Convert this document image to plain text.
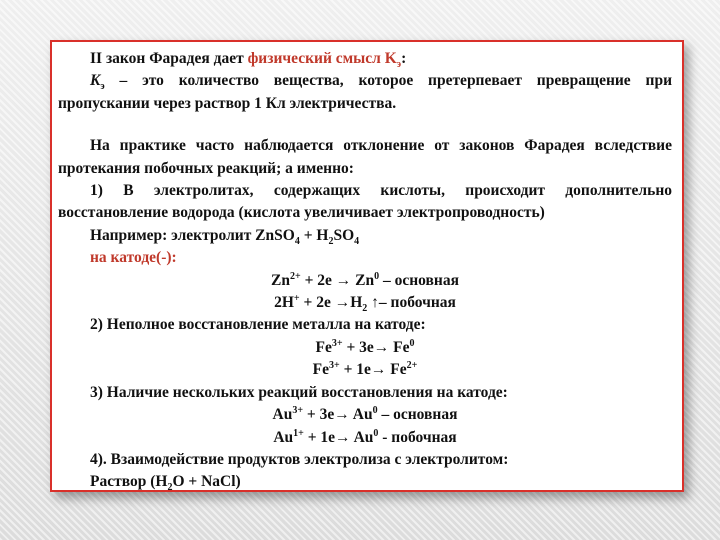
II закон Фарадея дает физический смысл $K_э$:

$K_э$ – это количество вещества, которое претерпевает превращение при пропускании через раствор 1 Кл электричества.

На практике часто наблюдается отклонение от законов Фарадея вследствие протекания побочных реакций; а именно:

1) В электролитах, содержащих кислоты, происходит дополнительно восстановление водорода (кислота увеличивает электропроводность)

Например: электролит ZnSO$_4$ + $H_2SO_4$

на катоде(-):

$Zn^{2+} + 2e \to Zn^0$ – основная

$2H^+ + 2e \to H_2$ ↑– побочная

2) Неполное восстановление металла на катоде:

$Fe^{3+} + 3e\to Fe^0$

$Fe^{3+} + 1e\to Fe^{2+}$

3) Наличие нескольких реакций восстановления на катоде:

$Au^{3+} + 3e\to Au^0$ – основная

$Au^{1+} + 1e\to Au^0$ - побочная

4). Взаимодействие продуктов электролиза с электролитом:

Раствор ($H_2O$ + NaCl)
